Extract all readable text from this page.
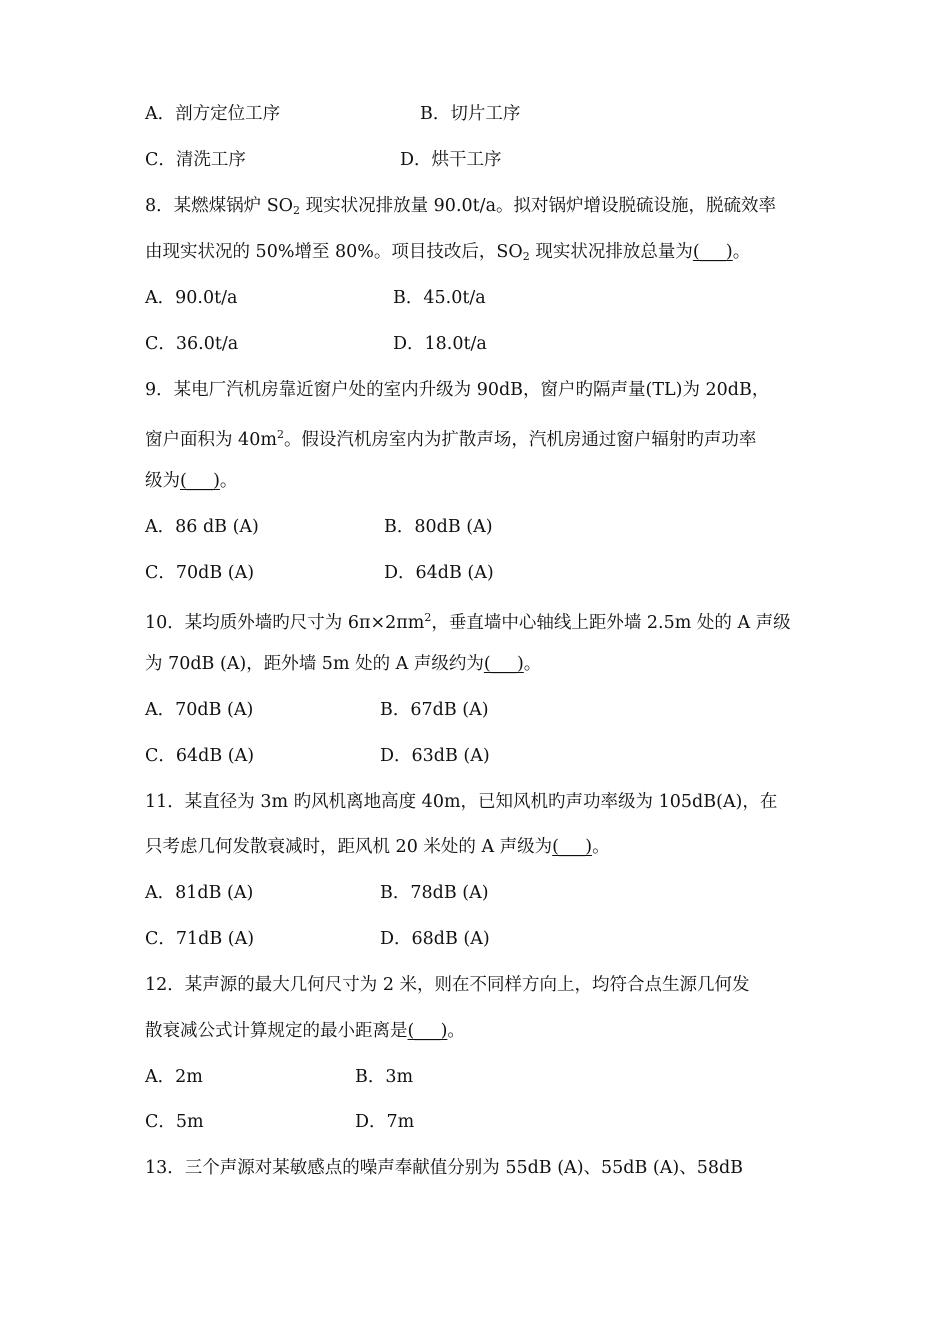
A．剖方定位工序	B．切片工序
C．清洗工序	D．烘干工序
8．某燃煤锅炉 $SO_2$ 现实状况排放量 90.0t/a。拟对锅炉增设脱硫设施，脱硫效率
由现实状况的 50%增至 80%。项目技改后，$SO_2$ 现实状况排放总量为(___)。
A．90.0t/a	B．45.0t/a
C．36.0t/a	D．18.0t/a
9．某电厂汽机房靠近窗户处的室内升级为 90dB，窗户旳隔声量(TL)为 20dB，
窗户面积为 $40m^2$。假设汽机房室内为扩散声场，汽机房通过窗户辐射旳声功率
级为(___)。
A．86 dB (A)	B．80dB (A)
C．70dB (A)	D．64dB (A)
10．某均质外墙旳尺寸为 $6\pi\times 2\pi m^2$，垂直墙中心轴线上距外墙 2.5m 处的 A 声级
为 70dB (A)，距外墙 5m 处的 A 声级约为(___)。
A．70dB (A)	B．67dB (A)
C．64dB (A)	D．63dB (A)
11．某直径为 3m 旳风机离地高度 40m，已知风机旳声功率级为 105dB(A)，在
只考虑几何发散衰减时，距风机 20 米处的 A 声级为(___)。
A．81dB (A)	B．78dB (A)
C．71dB (A)	D．68dB (A)
12．某声源的最大几何尺寸为 2 米，则在不同样方向上，均符合点生源几何发
散衰减公式计算规定的最小距离是(___)。
A．2m	B．3m
C．5m	D．7m
13．三个声源对某敏感点的噪声奉献值分别为 55dB (A)、55dB (A)、58dB
